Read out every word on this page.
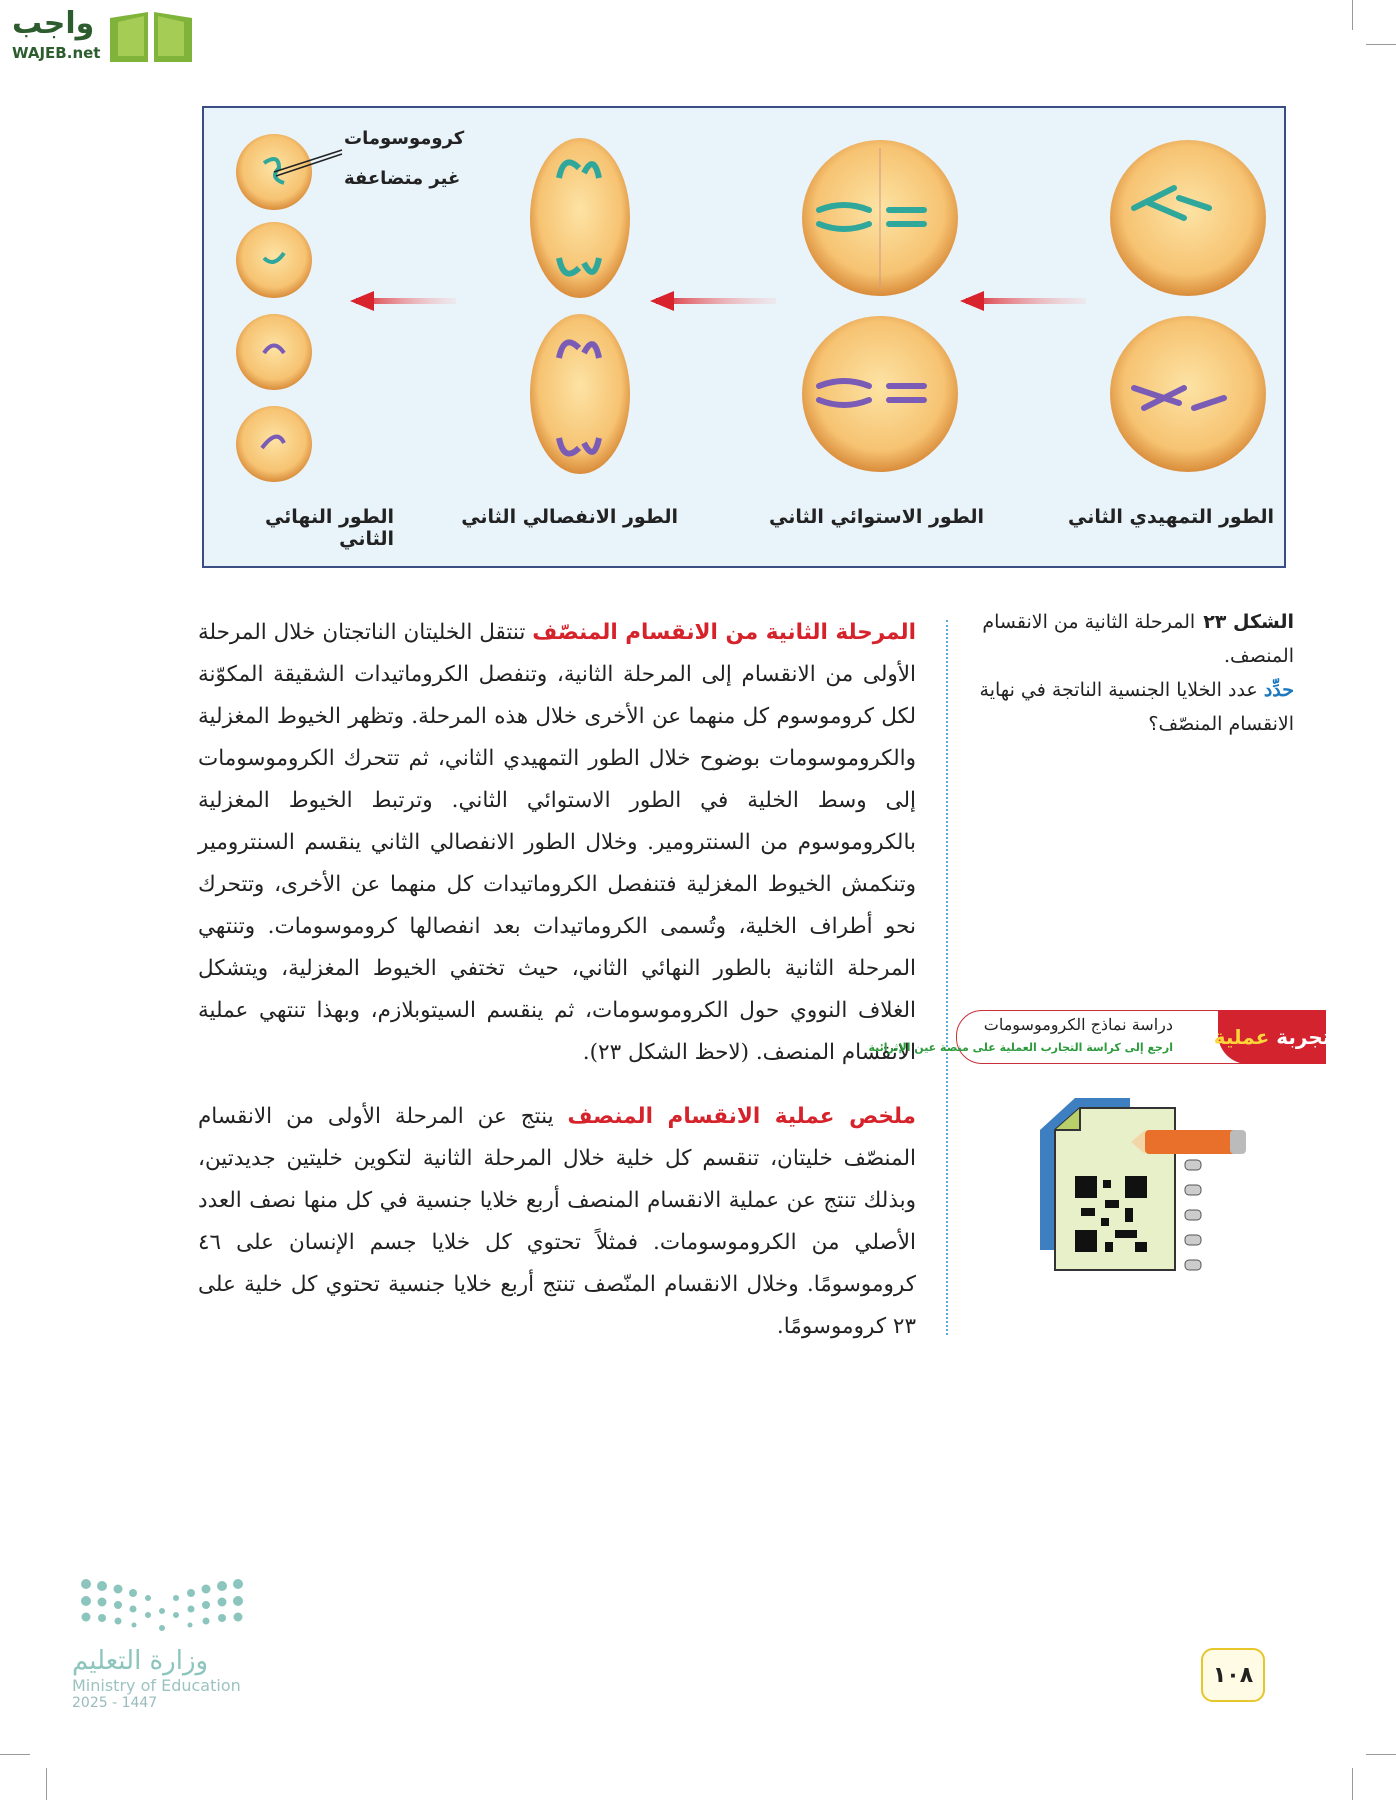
واجب
WAJEB.net
كروموسومات
غير متضاعفة
الطور التمهيدي الثاني
الطور الاستوائي الثاني
الطور الانفصالي الثاني
الطور النهائي الثاني

المرحلة الثانية من الانقسام المنصّف تنتقل الخليتان الناتجتان خلال المرحلة الأولى من الانقسام إلى المرحلة الثانية، وتنفصل الكروماتيدات الشقيقة المكوّنة لكل كروموسوم كل منهما عن الأخرى خلال هذه المرحلة. وتظهر الخيوط المغزلية والكروموسومات بوضوح خلال الطور التمهيدي الثاني، ثم تتحرك الكروموسومات إلى وسط الخلية في الطور الاستوائي الثاني. وترتبط الخيوط المغزلية بالكروموسوم من السنترومير. وخلال الطور الانفصالي الثاني ينقسم السنترومير وتنكمش الخيوط المغزلية فتنفصل الكروماتيدات كل منهما عن الأخرى، وتتحرك نحو أطراف الخلية، وتُسمى الكروماتيدات بعد انفصالها كروموسومات. وتنتهي المرحلة الثانية بالطور النهائي الثاني، حيث تختفي الخيوط المغزلية، ويتشكل الغلاف النووي حول الكروموسومات، ثم ينقسم السيتوبلازم، وبهذا تنتهي عملية الانقسام المنصف. (لاحظ الشكل ٢٣).

ملخص عملية الانقسام المنصف ينتج عن المرحلة الأولى من الانقسام المنصّف خليتان، تنقسم كل خلية خلال المرحلة الثانية لتكوين خليتين جديدتين، وبذلك تنتج عن عملية الانقسام المنصف أربع خلايا جنسية في كل منها نصف العدد الأصلي من الكروموسومات. فمثلاً تحتوي كل خلايا جسم الإنسان على ٤٦ كروموسومًا. وخلال الانقسام المنّصف تنتج أربع خلايا جنسية تحتوي كل خلية على ٢٣ كروموسومًا.

الشكل ٢٣المرحلة الثانية من الانقسام المنصف.
حدِّد عدد الخلايا الجنسية الناتجة في نهاية الانقسام المنصّف؟
دراسة نماذج الكروموسومات
ارجع إلى كراسة التجارب العملية على منصة عين الإثرائية	تجربة

عملية
وزارة التعليم
Ministry of Education
2025 - 1447
١٠٨
